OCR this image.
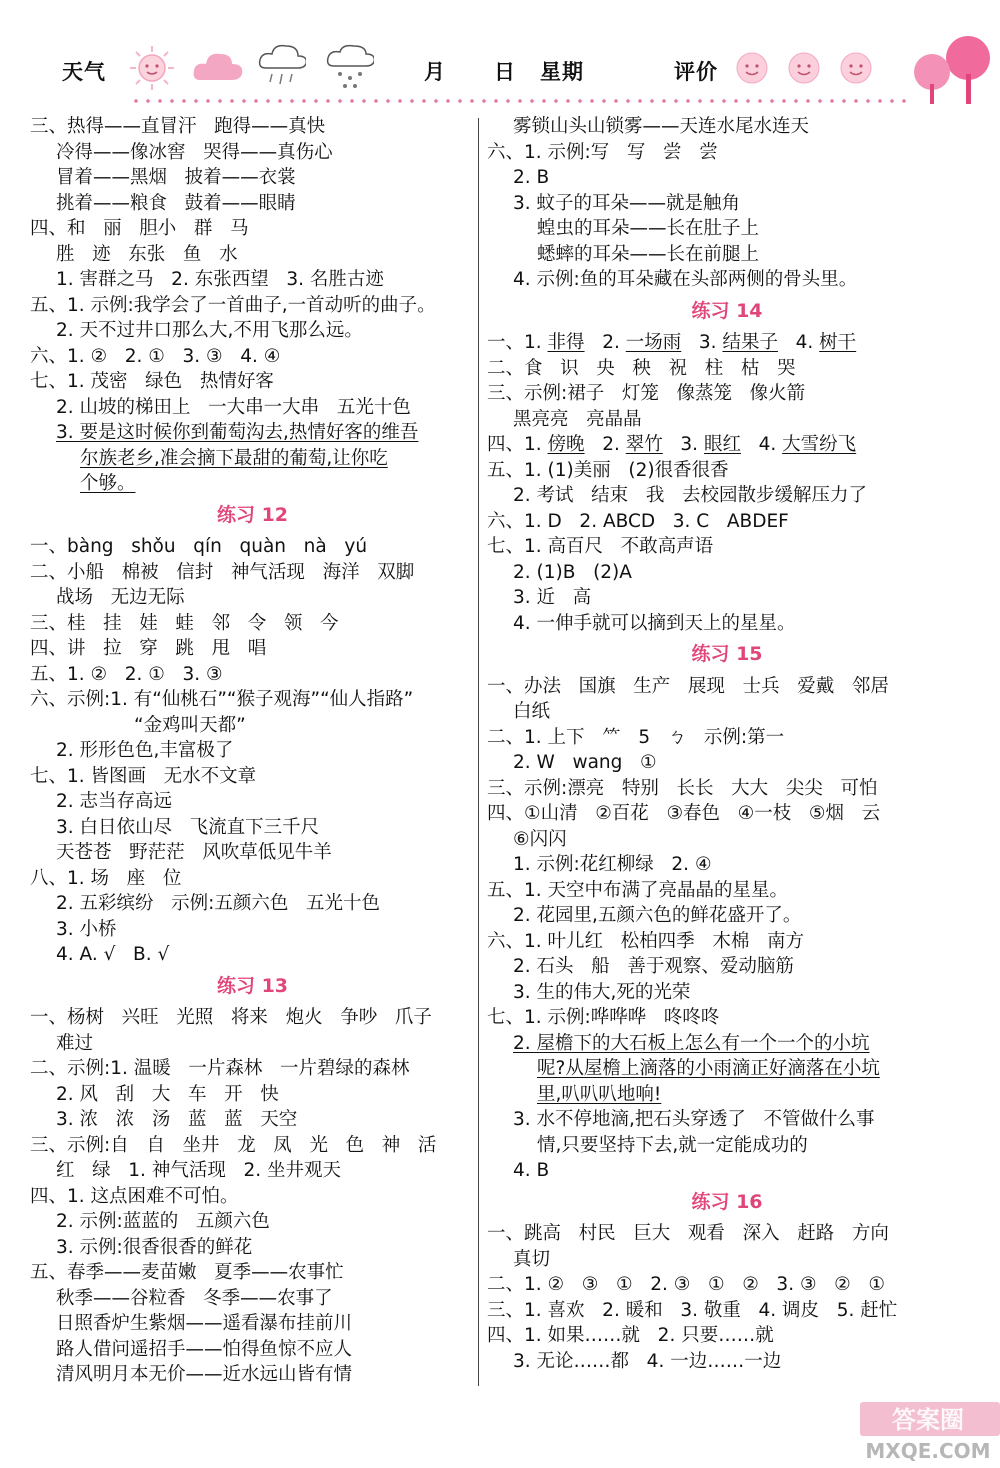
天气	月 日 星期	评价
三、热得——直冒汗   跑得——真快
冷得——像冰窖   哭得——真伤心
冒着——黑烟   披着——衣裳
挑着——粮食   鼓着——眼睛
四、和   丽   胆小   群   马
胜   迹   东张   鱼   水
1. 害群之马   2. 东张西望   3. 名胜古迹
五、1. 示例:我学会了一首曲子,一首动听的曲子。
2. 天不过井口那么大,不用飞那么远。
六、1. ②   2. ①   3. ③   4. ④
七、1. 茂密   绿色   热情好客
2. 山坡的梯田上   一大串一大串   五光十色
3. 要是这时候你到葡萄沟去,热情好客的维吾
尔族老乡,准会摘下最甜的葡萄,让你吃
个够。
练习 12
一、bàng   shǒu   qín   quàn   nà   yú
二、小船   棉被   信封   神气活现   海洋   双脚
战场   无边无际
三、桂   挂   娃   蛙   邻   令   领   今
四、讲   拉   穿   跳   甩   唱
五、1. ②   2. ①   3. ③
六、示例:1. 有“仙桃石”“猴子观海”“仙人指路”
“金鸡叫天都”
2. 形形色色,丰富极了
七、1. 皆图画   无水不文章
2. 志当存高远
3. 白日依山尽   飞流直下三千尺
天苍苍   野茫茫   风吹草低见牛羊
八、1. 场   座   位
2. 五彩缤纷   示例:五颜六色   五光十色
3. 小桥
4. A. √   B. √
练习 13
一、杨树   兴旺   光照   将来   炮火   争吵   爪子
难过
二、示例:1. 温暖   一片森林   一片碧绿的森林
2. 风   刮   大   车   开   快
3. 浓   浓   汤   蓝   蓝   天空
三、示例:自   自   坐井   龙   凤   光   色   神   活
红   绿   1. 神气活现   2. 坐井观天
四、1. 这点困难不可怕。
2. 示例:蓝蓝的   五颜六色
3. 示例:很香很香的鲜花
五、春季——麦苗嫩   夏季——农事忙
秋季——谷粒香   冬季——农事了
日照香炉生紫烟——遥看瀑布挂前川
路人借问遥招手——怕得鱼惊不应人
清风明月本无价——近水远山皆有情
雾锁山头山锁雾——天连水尾水连天
六、1. 示例:写   写   尝   尝
2. B
3. 蚊子的耳朵——就是触角
蝗虫的耳朵——长在肚子上
蟋蟀的耳朵——长在前腿上
4. 示例:鱼的耳朵藏在头部两侧的骨头里。
练习 14
一、1. 非得   2. 一场雨   3. 结果子   4. 树干
二、食   识   央   秧   祝   柱   枯   哭
三、示例:裙子   灯笼   像蒸笼   像火箭
黑亮亮   亮晶晶
四、1. 傍晚   2. 翠竹   3. 眼红   4. 大雪纷飞
五、1. (1)美丽   (2)很香很香
2. 考试   结束   我   去校园散步缓解压力了
六、1. D   2. ABCD   3. C   ABDEF
七、1. 高百尺   不敢高声语
2. (1)B   (2)A
3. 近   高
4. 一伸手就可以摘到天上的星星。
练习 15
一、办法   国旗   生产   展现   士兵   爱戴   邻居
白纸
二、1. 上下   ⺮   5   ㄅ   示例:第一
2. W   wang   ①
三、示例:漂亮   特别   长长   大大   尖尖   可怕
四、①山清   ②百花   ③春色   ④一枝   ⑤烟   云
⑥闪闪
1. 示例:花红柳绿   2. ④
五、1. 天空中布满了亮晶晶的星星。
2. 花园里,五颜六色的鲜花盛开了。
六、1. 叶儿红   松柏四季   木棉   南方
2. 石头   船   善于观察、爱动脑筋
3. 生的伟大,死的光荣
七、1. 示例:哗哗哗   咚咚咚
2. 屋檐下的大石板上怎么有一个一个的小坑
呢?从屋檐上滴落的小雨滴正好滴落在小坑
里,叭叭叭地响!
3. 水不停地滴,把石头穿透了   不管做什么事
情,只要坚持下去,就一定能成功的
4. B
练习 16
一、跳高   村民   巨大   观看   深入   赶路   方向
真切
二、1. ②   ③   ①   2. ③   ①   ②   3. ③   ②   ①
三、1. 喜欢   2. 暖和   3. 敬重   4. 调皮   5. 赶忙
四、1. 如果……就   2. 只要……就
3. 无论……都   4. 一边……一边
答案圈
MXQE.COM
